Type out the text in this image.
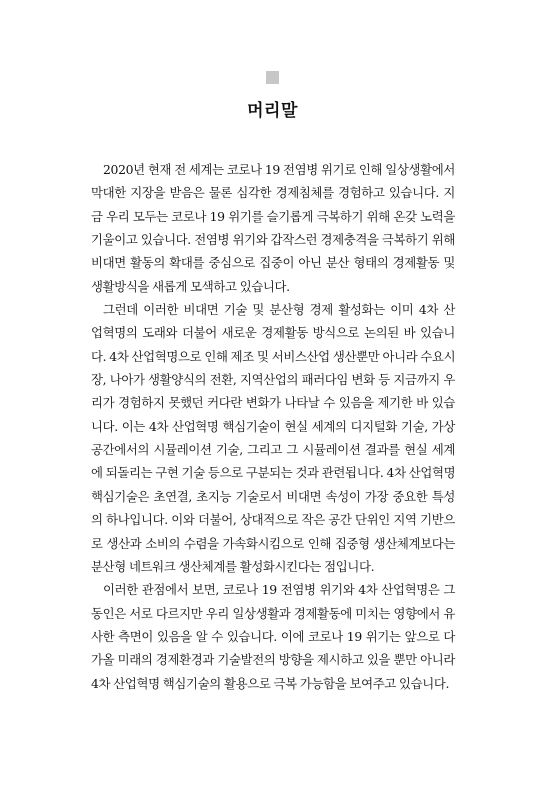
머리말
2020년 현재 전 세계는 코로나 19 전염병 위기로 인해 일상생활에서
막대한 지장을 받음은 물론 심각한 경제침체를 경험하고 있습니다. 지
금 우리 모두는 코로나 19 위기를 슬기롭게 극복하기 위해 온갖 노력을
기울이고 있습니다. 전염병 위기와 갑작스런 경제충격을 극복하기 위해
비대면 활동의 확대를 중심으로 집중이 아닌 분산 형태의 경제활동 및
생활방식을 새롭게 모색하고 있습니다.
그런데 이러한 비대면 기술 및 분산형 경제 활성화는 이미 4차 산
업혁명의 도래와 더불어 새로운 경제활동 방식으로 논의된 바 있습니
다. 4차 산업혁명으로 인해 제조 및 서비스산업 생산뿐만 아니라 수요시
장, 나아가 생활양식의 전환, 지역산업의 패러다임 변화 등 지금까지 우
리가 경험하지 못했던 커다란 변화가 나타날 수 있음을 제기한 바 있습
니다. 이는 4차 산업혁명 핵심기술이 현실 세계의 디지털화 기술, 가상
공간에서의 시뮬레이션 기술, 그리고 그 시뮬레이션 결과를 현실 세계
에 되돌리는 구현 기술 등으로 구분되는 것과 관련됩니다. 4차 산업혁명
핵심기술은 초연결, 초지능 기술로서 비대면 속성이 가장 중요한 특성
의 하나입니다. 이와 더불어, 상대적으로 작은 공간 단위인 지역 기반으
로 생산과 소비의 수렴을 가속화시킴으로 인해 집중형 생산체계보다는
분산형 네트워크 생산체계를 활성화시킨다는 점입니다.
이러한 관점에서 보면, 코로나 19 전염병 위기와 4차 산업혁명은 그
동인은 서로 다르지만 우리 일상생활과 경제활동에 미치는 영향에서 유
사한 측면이 있음을 알 수 있습니다. 이에 코로나 19 위기는 앞으로 다
가올 미래의 경제환경과 기술발전의 방향을 제시하고 있을 뿐만 아니라
4차 산업혁명 핵심기술의 활용으로 극복 가능함을 보여주고 있습니다.
